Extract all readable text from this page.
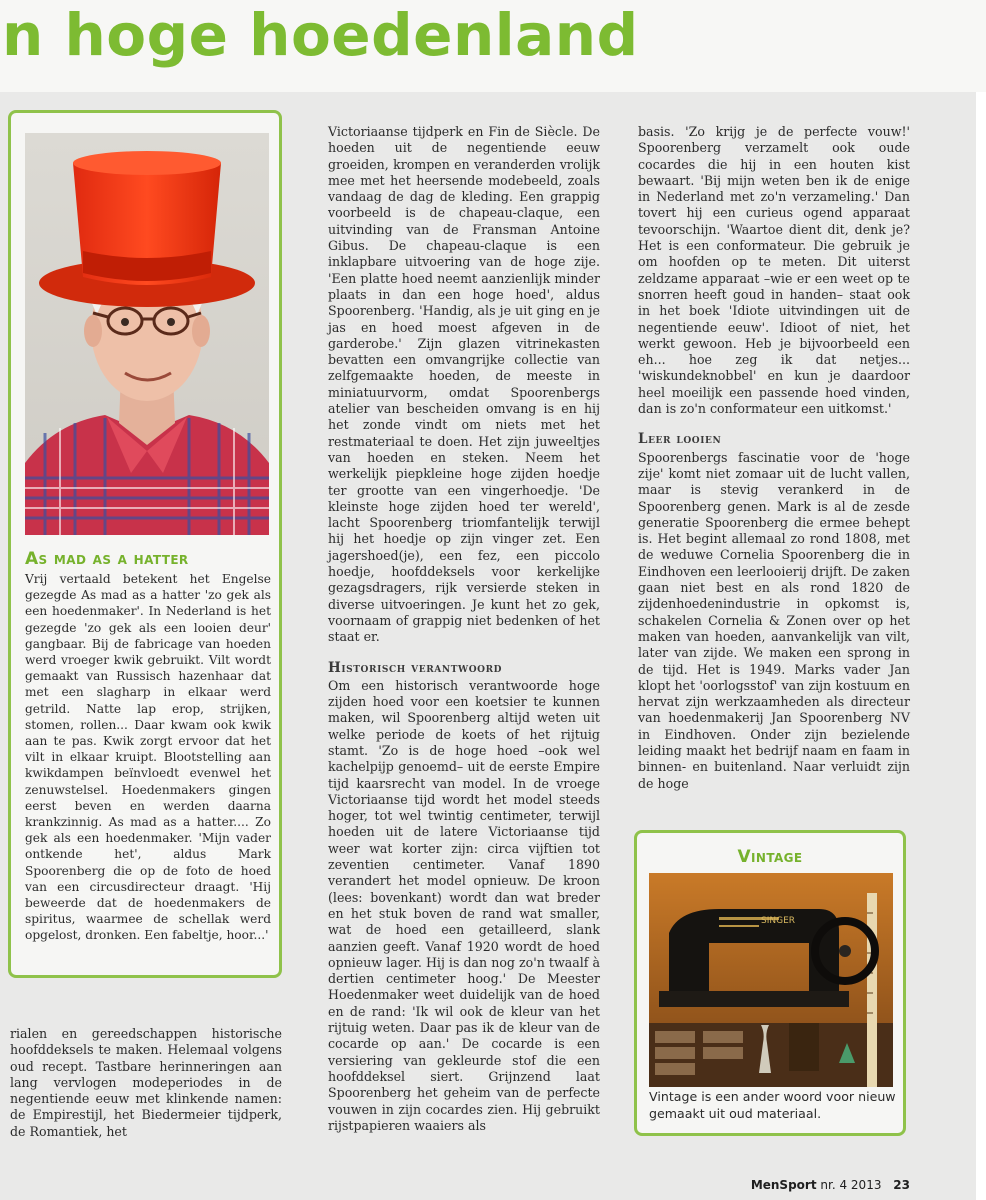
n hoge hoedenland
As mad as a hatter

Vrij vertaald betekent het Engelse gezegde As mad as a hatter 'zo gek als een hoedenmaker'. In Nederland is het gezegde 'zo gek als een looien deur' gangbaar. Bij de fabricage van hoeden werd vroeger kwik gebruikt. Vilt wordt gemaakt van Russisch hazenhaar dat met een slagharp in elkaar werd getrild. Natte lap erop, strijken, stomen, rollen... Daar kwam ook kwik aan te pas. Kwik zorgt ervoor dat het vilt in elkaar kruipt. Blootstelling aan kwikdampen beïnvloedt evenwel het zenuwstelsel. Hoedenmakers gingen eerst beven en werden daarna krankzinnig. As mad as a hatter.... Zo gek als een hoedenmaker. 'Mijn vader ontkende het', aldus Mark Spoorenberg die op de foto de hoed van een circusdirecteur draagt. 'Hij beweerde dat de hoedenmakers de spiritus, waarmee de schellak werd opgelost, dronken. Een fabeltje, hoor...'

rialen en gereedschappen historische hoofddeksels te maken. Helemaal volgens oud recept. Tastbare herinneringen aan lang vervlogen modeperiodes in de negentiende eeuw met klinkende namen: de Empirestijl, het Biedermeier tijdperk, de Romantiek, het

Victoriaanse tijdperk en Fin de Siècle. De hoeden uit de negentiende eeuw groeiden, krompen en veranderden vrolijk mee met het heersende modebeeld, zoals vandaag de dag de kleding. Een grappig voorbeeld is de chapeau-claque, een uitvinding van de Fransman Antoine Gibus. De chapeau-claque is een inklapbare uitvoering van de hoge zije. 'Een platte hoed neemt aanzienlijk minder plaats in dan een hoge hoed', aldus Spoorenberg. 'Handig, als je uit ging en je jas en hoed moest afgeven in de garderobe.' Zijn glazen vitrinekasten bevatten een omvangrijke collectie van zelfgemaakte hoeden, de meeste in miniatuurvorm, omdat Spoorenbergs atelier van bescheiden omvang is en hij het zonde vindt om niets met het restmateriaal te doen. Het zijn juweeltjes van hoeden en steken. Neem het werkelijk piepkleine hoge zijden hoedje ter grootte van een vingerhoedje. 'De kleinste hoge zijden hoed ter wereld', lacht Spoorenberg triomfantelijk terwijl hij het hoedje op zijn vinger zet. Een jagershoed(je), een fez, een piccolo hoedje, hoofddeksels voor kerkelijke gezagsdragers, rijk versierde steken in diverse uitvoeringen. Je kunt het zo gek, voornaam of grappig niet bedenken of het staat er.

Historisch verantwoord

Om een historisch verantwoorde hoge zijden hoed voor een koetsier te kunnen maken, wil Spoorenberg altijd weten uit welke periode de koets of het rijtuig stamt. 'Zo is de hoge hoed –ook wel kachelpijp genoemd– uit de eerste Empire tijd kaarsrecht van model. In de vroege Victoriaanse tijd wordt het model steeds hoger, tot wel twintig centimeter, terwijl hoeden uit de latere Victoriaanse tijd weer wat korter zijn: circa vijftien tot zeventien centimeter. Vanaf 1890 verandert het model opnieuw. De kroon (lees: bovenkant) wordt dan wat breder en het stuk boven de rand wat smaller, wat de hoed een getailleerd, slank aanzien geeft. Vanaf 1920 wordt de hoed opnieuw lager. Hij is dan nog zo'n twaalf à dertien centimeter hoog.' De Meester Hoedenmaker weet duidelijk van de hoed en de rand: 'Ik wil ook de kleur van het rijtuig weten. Daar pas ik de kleur van de cocarde op aan.' De cocarde is een versiering van gekleurde stof die een hoofddeksel siert. Grijnzend laat Spoorenberg het geheim van de perfecte vouwen in zijn cocardes zien. Hij gebruikt rijstpapieren waaiers als

basis. 'Zo krijg je de perfecte vouw!' Spoorenberg verzamelt ook oude cocardes die hij in een houten kist bewaart. 'Bij mijn weten ben ik de enige in Nederland met zo'n verzameling.' Dan tovert hij een curieus ogend apparaat tevoorschijn. 'Waartoe dient dit, denk je? Het is een conformateur. Die gebruik je om hoofden op te meten. Dit uiterst zeldzame apparaat –wie er een weet op te snorren heeft goud in handen– staat ook in het boek 'Idiote uitvindingen uit de negentiende eeuw'. Idioot of niet, het werkt gewoon. Heb je bijvoorbeeld een eh... hoe zeg ik dat netjes... 'wiskundeknobbel' en kun je daardoor heel moeilijk een passende hoed vinden, dan is zo'n conformateur een uitkomst.'

Leer looien

Spoorenbergs fascinatie voor de 'hoge zije' komt niet zomaar uit de lucht vallen, maar is stevig verankerd in de Spoorenberg genen. Mark is al de zesde generatie Spoorenberg die ermee behept is. Het begint allemaal zo rond 1808, met de weduwe Cornelia Spoorenberg die in Eindhoven een leerlooierij drijft. De zaken gaan niet best en als rond 1820 de zijdenhoedenindustrie in opkomst is, schakelen Cornelia & Zonen over op het maken van hoeden, aanvankelijk van vilt, later van zijde. We maken een sprong in de tijd. Het is 1949. Marks vader Jan klopt het 'oorlogsstof' van zijn kostuum en hervat zijn werkzaamheden als directeur van hoedenmakerij Jan Spoorenberg NV in Eindhoven. Onder zijn bezielende leiding maakt het bedrijf naam en faam in binnen- en buitenland. Naar verluidt zijn de hoge

Vintage
SINGER
Vintage is een ander woord voor nieuw gemaakt uit oud materiaal.
MenSport nr. 4 2013 23
